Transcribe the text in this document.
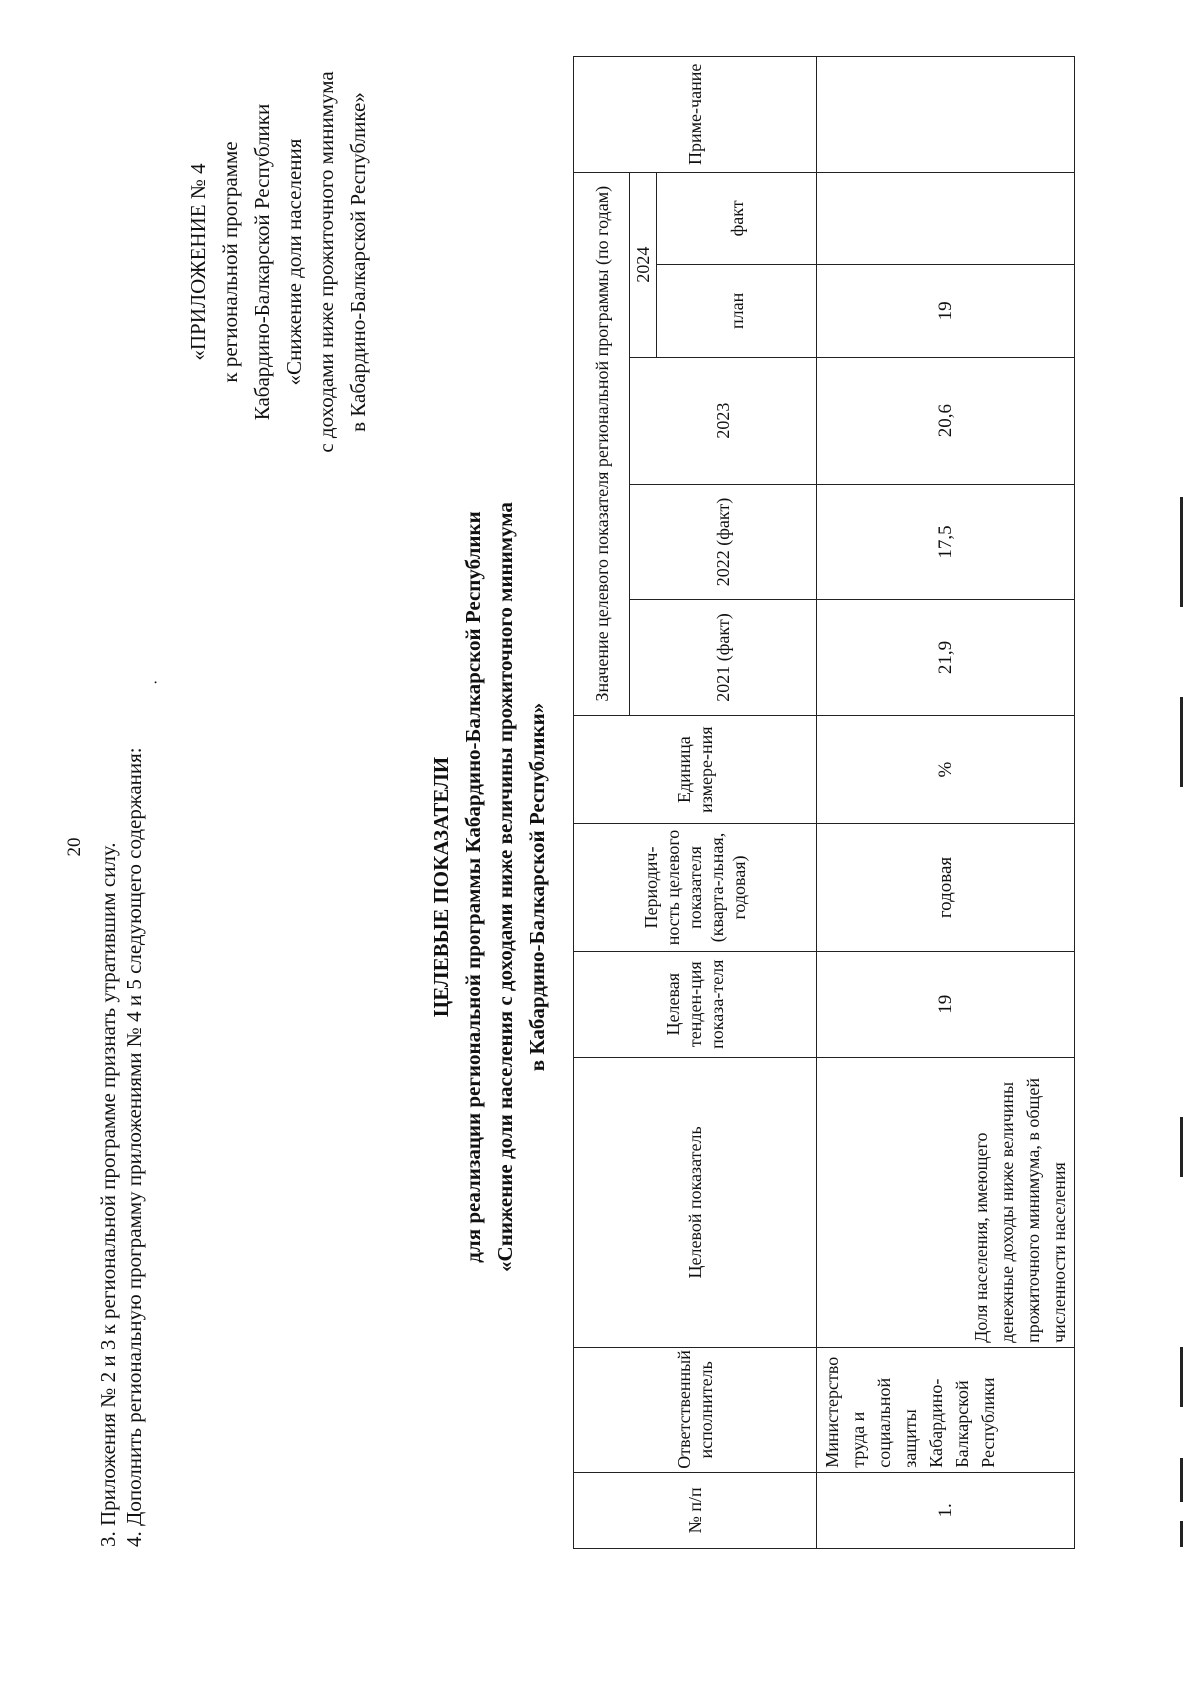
20 3. Приложения № 2 и 3 к региональной программе признать утратившим силу. 4. Дополнить региональную программу приложениями № 4 и 5 следующего содержания:
·
«ПРИЛОЖЕНИЕ № 4 к региональной программе Кабардино-Балкарской Республики «Снижение доли населения с доходами ниже прожиточного минимума в Кабардино-Балкарской Республике»
ЦЕЛЕВЫЕ ПОКАЗАТЕЛИ для реализации региональной программы Кабардино-Балкарской Республики «Снижение доли населения с доходами ниже величины прожиточного минимума в Кабардино-Балкарской Республики»
№ п/п	Ответственный исполнитель	Целевой показатель	Целевая тенден-ция показа-теля	Периодич-ность целевого показателя (кварта-льная, годовая)	Единица измере-ния	Значение целевого показателя региональной программы (по годам)					Приме-чание
						2021 (факт)	2022 (факт)	2023	2024		
									план	факт	
1.	Министерство труда и социальной защиты Кабардино-Балкарской Республики	Доля населения, имеющего денежные доходы ниже величины прожиточного минимума, в общей численности населения	19	годовая	%	21,9	17,5	20,6	19		
